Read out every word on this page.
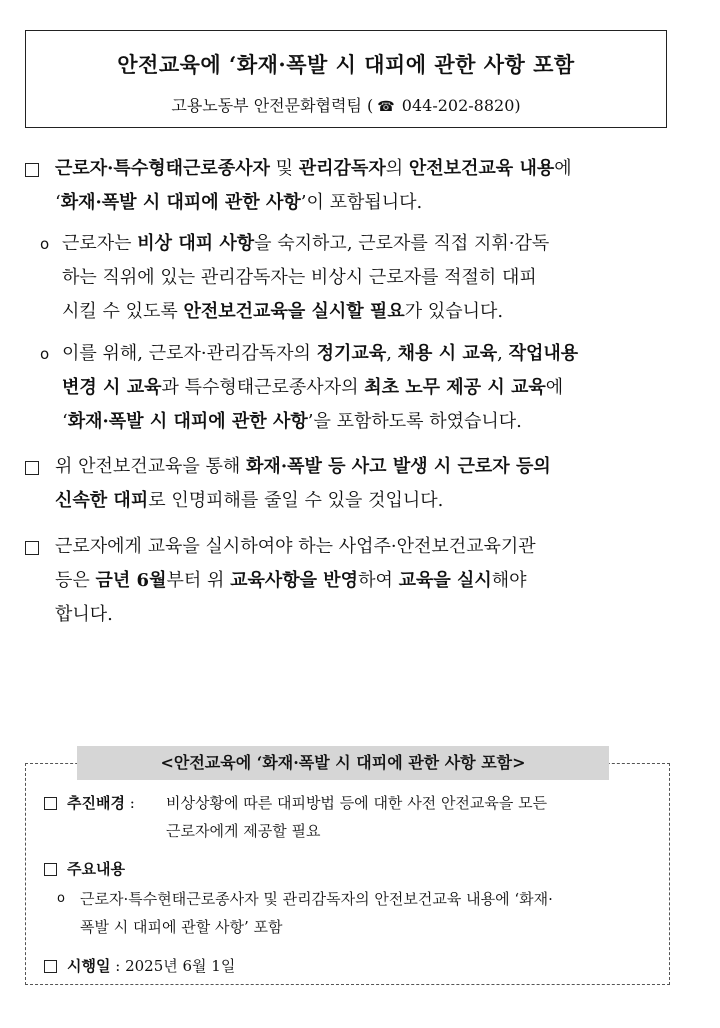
안전교육에 ‘화재·폭발 시 대피에 관한 사항 포함
고용노동부 안전문화협력팀 ( ☎ 044-202-8820)
근로자·특수형태근로종사자 및 관리감독자의 안전보건교육 내용에
‘화재·폭발 시 대피에 관한 사항’이 포함됩니다.
o 근로자는 비상 대피 사항을 숙지하고, 근로자를 직접 지휘·감독
하는 직위에 있는 관리감독자는 비상시 근로자를 적절히 대피
시킬 수 있도록 안전보건교육을 실시할 필요가 있습니다.
o 이를 위해, 근로자·관리감독자의 정기교육, 채용 시 교육, 작업내용
변경 시 교육과 특수형태근로종사자의 최초 노무 제공 시 교육에
‘화재·폭발 시 대피에 관한 사항’을 포함하도록 하였습니다.
위 안전보건교육을 통해 화재·폭발 등 사고 발생 시 근로자 등의
신속한 대피로 인명피해를 줄일 수 있을 것입니다.
근로자에게 교육을 실시하여야 하는 사업주·안전보건교육기관
등은 금년 6월부터 위 교육사항을 반영하여 교육을 실시해야
합니다.
<안전교육에 ‘화재·폭발 시 대피에 관한 사항 포함>
추진배경 : 비상상황에 따른 대피방법 등에 대한 사전 안전교육을 모든
근로자에게 제공할 필요
주요내용
o 근로자·특수현태근로종사자 및 관리감독자의 안전보건교육 내용에 ‘화재·
폭발 시 대피에 관할 사항’ 포함
시행일 : 2025년 6월 1일
